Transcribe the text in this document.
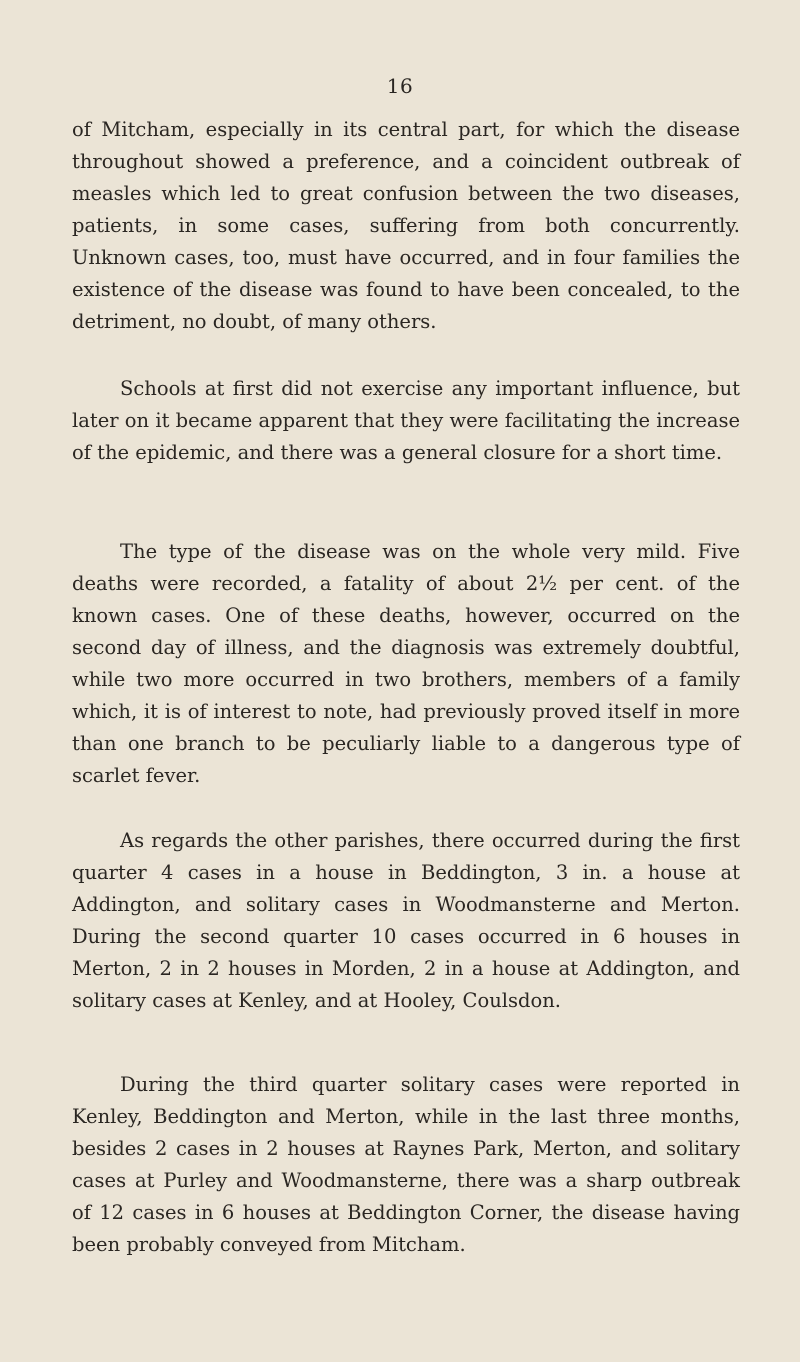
16

of Mitcham, especially in its central part, for which the disease throughout showed a preference, and a coincident outbreak of measles which led to great confusion between the two diseases, patients, in some cases, suffering from both concurrently. Unknown cases, too, must have occurred, and in four families the existence of the disease was found to have been concealed, to the detriment, no doubt, of many others.

Schools at first did not exercise any important influence, but later on it became apparent that they were facilitating the increase of the epidemic, and there was a general closure for a short time.

The type of the disease was on the whole very mild. Five deaths were recorded, a fatality of about 2½ per cent. of the known cases. One of these deaths, however, occurred on the second day of illness, and the diagnosis was extremely doubtful, while two more occurred in two brothers, members of a family which, it is of interest to note, had previously proved itself in more than one branch to be peculiarly liable to a dangerous type of scarlet fever.

As regards the other parishes, there occurred during the first quarter 4 cases in a house in Beddington, 3 in. a house at Addington, and solitary cases in Woodmansterne and Merton. During the second quarter 10 cases occurred in 6 houses in Merton, 2 in 2 houses in Morden, 2 in a house at Addington, and solitary cases at Kenley, and at Hooley, Coulsdon.

During the third quarter solitary cases were reported in Kenley, Beddington and Merton, while in the last three months, besides 2 cases in 2 houses at Raynes Park, Merton, and solitary cases at Purley and Woodmansterne, there was a sharp outbreak of 12 cases in 6 houses at Beddington Corner, the disease having been probably conveyed from Mitcham.
